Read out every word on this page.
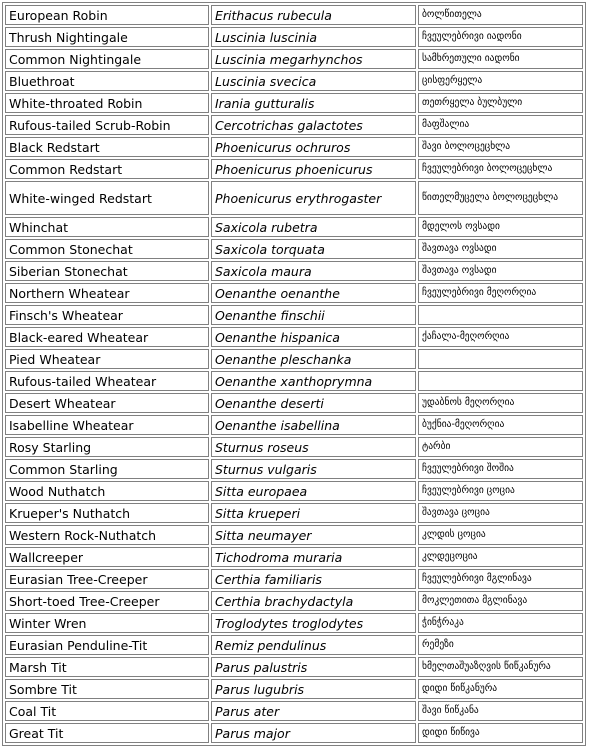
European Robin	Erithacus rubecula	ბოლწითელა
Thrush Nightingale	Luscinia luscinia	ჩვეულებრივი იადონი
Common Nightingale	Luscinia megarhynchos	სამხრეთული იადონი
Bluethroat	Luscinia svecica	ცისფერყელა
White-throated Robin	Irania gutturalis	თეთრყელა ბულბული
Rufous-tailed Scrub-Robin	Cercotrichas galactotes	მაფშალია
Black Redstart	Phoenicurus ochruros	შავი ბოლოცეცხლა
Common Redstart	Phoenicurus phoenicurus	ჩვეულებრივი ბოლოცეცხლა
White-winged Redstart	Phoenicurus erythrogaster	წითელმუცელა ბოლოცეცხლა
Whinchat	Saxicola rubetra	მდელოს ოვსადი
Common Stonechat	Saxicola torquata	შავთავა ოვსადი
Siberian Stonechat	Saxicola maura	შავთავა ოვსადი
Northern Wheatear	Oenanthe oenanthe	ჩვეულებრივი მეღორღია
Finsch's Wheatear	Oenanthe finschii	
Black-eared Wheatear	Oenanthe hispanica	ქაჩალა-მეღორღია
Pied Wheatear	Oenanthe pleschanka	
Rufous-tailed Wheatear	Oenanthe xanthoprymna	
Desert Wheatear	Oenanthe deserti	უდაბნოს მეღორღია
Isabelline Wheatear	Oenanthe isabellina	ბუქნია-მეღორღია
Rosy Starling	Sturnus roseus	ტარბი
Common Starling	Sturnus vulgaris	ჩვეულებრივი შოშია
Wood Nuthatch	Sitta europaea	ჩვეულებრივი ცოცია
Krueper's Nuthatch	Sitta krueperi	შავთავა ცოცია
Western Rock-Nuthatch	Sitta neumayer	კლდის ცოცია
Wallcreeper	Tichodroma muraria	კლდეცოცია
Eurasian Tree-Creeper	Certhia familiaris	ჩვეულებრივი მგლინავა
Short-toed Tree-Creeper	Certhia brachydactyla	მოკლეთითა მგლინავა
Winter Wren	Troglodytes troglodytes	ჭინჭრაკა
Eurasian Penduline-Tit	Remiz pendulinus	რემეზი
Marsh Tit	Parus palustris	ხმელთაშუაზღვის წიწკანურა
Sombre Tit	Parus lugubris	დიდი წიწკანურა
Coal Tit	Parus ater	შავი წიწკანა
Great Tit	Parus major	დიდი წიწივა
